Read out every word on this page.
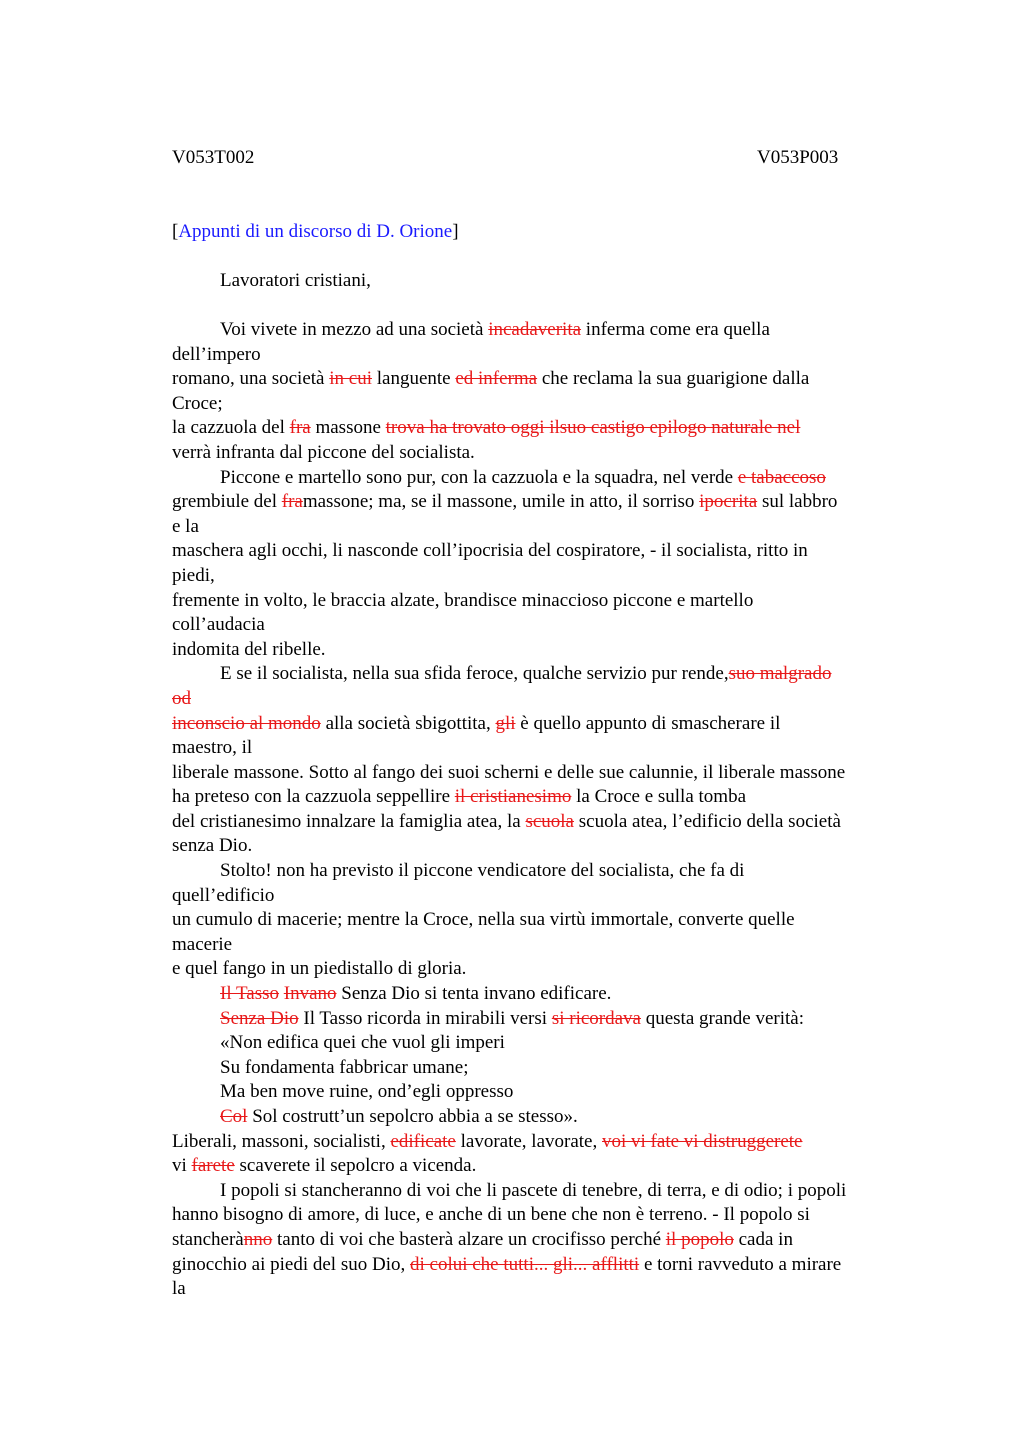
V053T002	V053P003
[Appunti di un discorso di D. Orione]
Lavoratori cristiani,
Voi vivete in mezzo ad una società incadaverita inferma come era quella
dell’impero
romano, una società in cui languente ed inferma che reclama la sua guarigione dalla
Croce;
la cazzuola del fra massone trova ha trovato oggi ilsuo castigo epilogo naturale nel
verrà infranta dal piccone del socialista.
Piccone e martello sono pur, con la cazzuola e la squadra, nel verde e tabaccoso
grembiule del framassone; ma, se il massone, umile in atto, il sorriso ipocrita sul labbro
e la
maschera agli occhi, li nasconde coll’ipocrisia del cospiratore, - il socialista, ritto in
piedi,
fremente in volto, le braccia alzate, brandisce minaccioso piccone e martello
coll’audacia
indomita del ribelle.
E se il socialista, nella sua sfida feroce, qualche servizio pur rende,suo malgrado
od
inconscio al mondo alla società sbigottita, gli è quello appunto di smascherare il
maestro, il
liberale massone. Sotto al fango dei suoi scherni e delle sue calunnie, il liberale massone
ha preteso con la cazzuola seppellire il cristianesimo la Croce e sulla tomba
del cristianesimo innalzare la famiglia atea, la scuola scuola atea, l’edificio della società
senza Dio.
Stolto! non ha previsto il piccone vendicatore del socialista, che fa di
quell’edificio
un cumulo di macerie; mentre la Croce, nella sua virtù immortale, converte quelle
macerie
e quel fango in un piedistallo di gloria.
Il Tasso Invano Senza Dio si tenta invano edificare.
Senza Dio Il Tasso ricorda in mirabili versi si ricordava questa grande verità:
«Non edifica quei che vuol gli imperi
Su fondamenta fabbricar umane;
Ma ben move ruine, ond’egli oppresso
Col Sol costrutt’un sepolcro abbia a se stesso».
Liberali, massoni, socialisti, edificate lavorate, lavorate, voi vi fate vi distruggerete
vi farete scaverete il sepolcro a vicenda.
I popoli si stancheranno di voi che li pascete di tenebre, di terra, e di odio; i popoli
hanno bisogno di amore, di luce, e anche di un bene che non è terreno. - Il popolo si
stancherànno tanto di voi che basterà alzare un crocifisso perché il popolo cada in
ginocchio ai piedi del suo Dio, di colui che tutti... gli... afflitti e torni ravveduto a mirare
la
